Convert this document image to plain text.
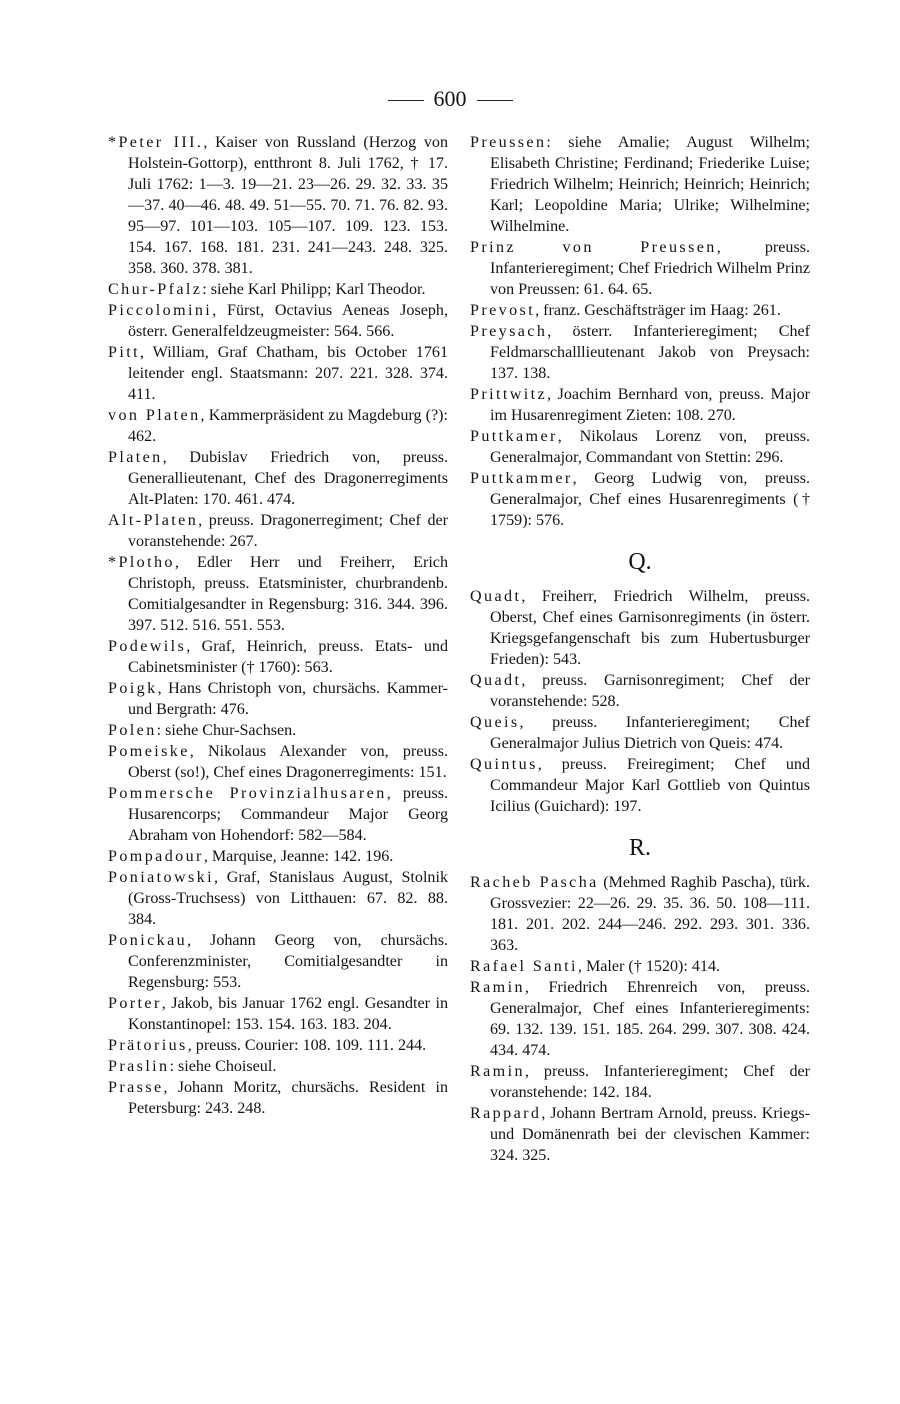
600

*Peter III., Kaiser von Russland (Herzog von Holstein-Gottorp), entthront 8. Juli 1762, † 17. Juli 1762: 1—3. 19—21. 23—26. 29. 32. 33. 35—37. 40—46. 48. 49. 51—55. 70. 71. 76. 82. 93. 95—97. 101—103. 105—107. 109. 123. 153. 154. 167. 168. 181. 231. 241—243. 248. 325. 358. 360. 378. 381.

Chur-Pfalz: siehe Karl Philipp; Karl Theodor.

Piccolomini, Fürst, Octavius Aeneas Joseph, österr. Generalfeldzeugmeister: 564. 566.

Pitt, William, Graf Chatham, bis October 1761 leitender engl. Staatsmann: 207. 221. 328. 374. 411.

von Platen, Kammerpräsident zu Magdeburg (?): 462.

Platen, Dubislav Friedrich von, preuss. Generallieutenant, Chef des Dragonerregiments Alt-Platen: 170. 461. 474.

Alt-Platen, preuss. Dragonerregiment; Chef der voranstehende: 267.

*Plotho, Edler Herr und Freiherr, Erich Christoph, preuss. Etatsminister, churbrandenb. Comitialgesandter in Regensburg: 316. 344. 396. 397. 512. 516. 551. 553.

Podewils, Graf, Heinrich, preuss. Etats- und Cabinetsminister († 1760): 563.

Poigk, Hans Christoph von, chursächs. Kammer- und Bergrath: 476.

Polen: siehe Chur-Sachsen.

Pomeiske, Nikolaus Alexander von, preuss. Oberst (so!), Chef eines Dragonerregiments: 151.

Pommersche Provinzialhusaren, preuss. Husarencorps; Commandeur Major Georg Abraham von Hohendorf: 582—584.

Pompadour, Marquise, Jeanne: 142. 196.

Poniatowski, Graf, Stanislaus August, Stolnik (Gross-Truchsess) von Litthauen: 67. 82. 88. 384.

Ponickau, Johann Georg von, chursächs. Conferenzminister, Comitialgesandter in Regensburg: 553.

Porter, Jakob, bis Januar 1762 engl. Gesandter in Konstantinopel: 153. 154. 163. 183. 204.

Prätorius, preuss. Courier: 108. 109. 111. 244.

Praslin: siehe Choiseul.

Prasse, Johann Moritz, chursächs. Resident in Petersburg: 243. 248.

Preussen: siehe Amalie; August Wilhelm; Elisabeth Christine; Ferdinand; Friederike Luise; Friedrich Wilhelm; Heinrich; Heinrich; Heinrich; Karl; Leopoldine Maria; Ulrike; Wilhelmine; Wilhelmine.

Prinz von Preussen, preuss. Infanterieregiment; Chef Friedrich Wilhelm Prinz von Preussen: 61. 64. 65.

Prevost, franz. Geschäftsträger im Haag: 261.

Preysach, österr. Infanterieregiment; Chef Feldmarschalllieutenant Jakob von Preysach: 137. 138.

Prittwitz, Joachim Bernhard von, preuss. Major im Husarenregiment Zieten: 108. 270.

Puttkamer, Nikolaus Lorenz von, preuss. Generalmajor, Commandant von Stettin: 296.

Puttkammer, Georg Ludwig von, preuss. Generalmajor, Chef eines Husarenregiments († 1759): 576.

Q.

Quadt, Freiherr, Friedrich Wilhelm, preuss. Oberst, Chef eines Garnisonregiments (in österr. Kriegsgefangenschaft bis zum Hubertusburger Frieden): 543.

Quadt, preuss. Garnisonregiment; Chef der voranstehende: 528.

Queis, preuss. Infanterieregiment; Chef Generalmajor Julius Dietrich von Queis: 474.

Quintus, preuss. Freiregiment; Chef und Commandeur Major Karl Gottlieb von Quintus Icilius (Guichard): 197.

R.

Racheb Pascha (Mehmed Raghib Pascha), türk. Grossvezier: 22—26. 29. 35. 36. 50. 108—111. 181. 201. 202. 244—246. 292. 293. 301. 336. 363.

Rafael Santi, Maler († 1520): 414.

Ramin, Friedrich Ehrenreich von, preuss. Generalmajor, Chef eines Infanterieregiments: 69. 132. 139. 151. 185. 264. 299. 307. 308. 424. 434. 474.

Ramin, preuss. Infanterieregiment; Chef der voranstehende: 142. 184.

Rappard, Johann Bertram Arnold, preuss. Kriegs- und Domänenrath bei der clevischen Kammer: 324. 325.
